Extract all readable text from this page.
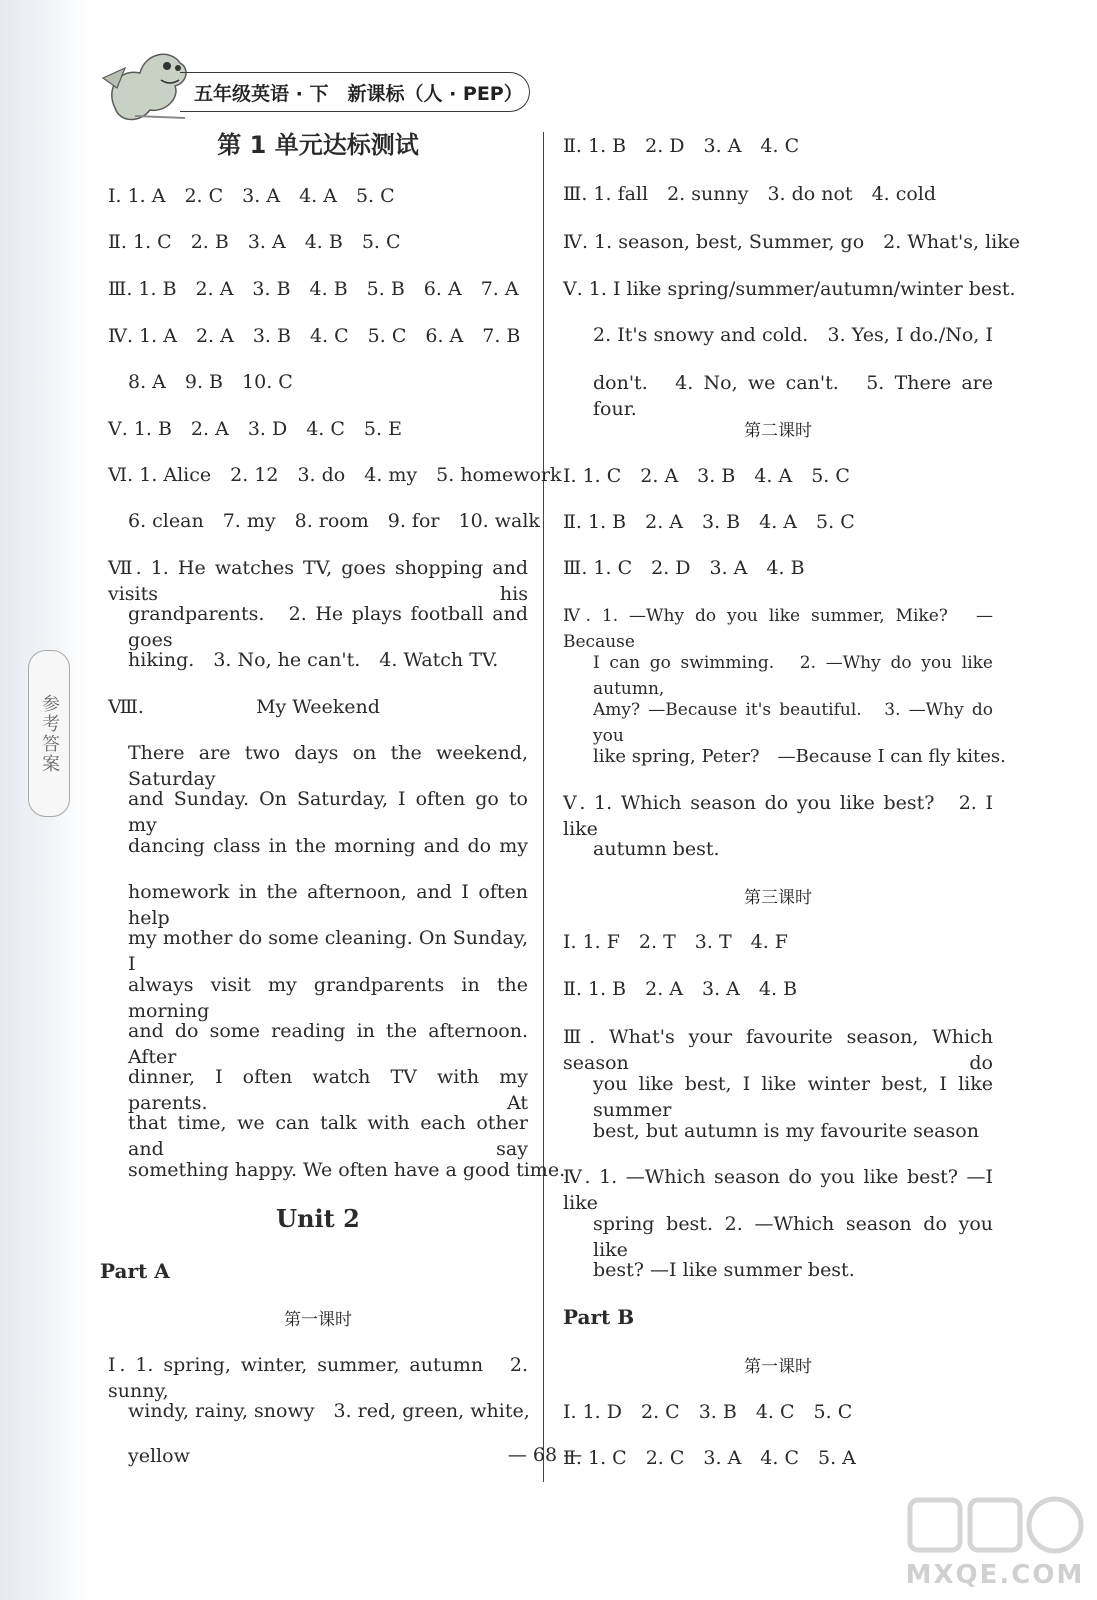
参考答案
五年级英语 · 下　新课标（人 · PEP）
第 1 单元达标测试
Ⅰ. 1. A　2. C　3. A　4. A　5. C
Ⅱ. 1. C　2. B　3. A　4. B　5. C
Ⅲ. 1. B　2. A　3. B　4. B　5. B　6. A　7. A
Ⅳ. 1. A　2. A　3. B　4. C　5. C　6. A　7. B
8. A　9. B　10. C
Ⅴ. 1. B　2. A　3. D　4. C　5. E
Ⅵ. 1. Alice　2. 12　3. do　4. my　5. homework
6. clean　7. my　8. room　9. for　10. walk
Ⅶ. 1. He watches TV, goes shopping and visits his
grandparents.　2. He plays football and goes
hiking.　3. No, he can't.　4. Watch TV.
Ⅷ.	My Weekend
There are two days on the weekend, Saturday
and Sunday. On Saturday, I often go to my
dancing class in the morning and do my
homework in the afternoon, and I often help
my mother do some cleaning. On Sunday, I
always visit my grandparents in the morning
and do some reading in the afternoon. After
dinner, I often watch TV with my parents. At
that time, we can talk with each other and say
something happy. We often have a good time.
Unit 2
Part A
第一课时
Ⅰ. 1. spring, winter, summer, autumn　2. sunny,
windy, rainy, snowy　3. red, green, white,
yellow
Ⅱ. 1. B　2. D　3. A　4. C
Ⅲ. 1. fall　2. sunny　3. do not　4. cold
Ⅳ. 1. season, best, Summer, go　2. What's, like
Ⅴ. 1. I like spring/summer/autumn/winter best.
2. It's snowy and cold.　3. Yes, I do./No, I
don't.　4. No, we can't.　5. There are four.
第二课时
Ⅰ. 1. C　2. A　3. B　4. A　5. C
Ⅱ. 1. B　2. A　3. B　4. A　5. C
Ⅲ. 1. C　2. D　3. A　4. B
Ⅳ. 1. —Why do you like summer, Mike?　—Because
I can go swimming.　2. —Why do you like autumn,
Amy? —Because it's beautiful.　3. —Why do you
like spring, Peter?　—Because I can fly kites.
Ⅴ. 1. Which season do you like best?　2. I like
autumn best.
第三课时
Ⅰ. 1. F　2. T　3. T　4. F
Ⅱ. 1. B　2. A　3. A　4. B
Ⅲ. What's your favourite season, Which season do
you like best, I like winter best, I like summer
best, but autumn is my favourite season
Ⅳ. 1. —Which season do you like best? —I like
spring best. 2. —Which season do you like
best? —I like summer best.
Part B
第一课时
Ⅰ. 1. D　2. C　3. B　4. C　5. C
Ⅱ. 1. C　2. C　3. A　4. C　5. A
— 68 —
MXQE.COM
